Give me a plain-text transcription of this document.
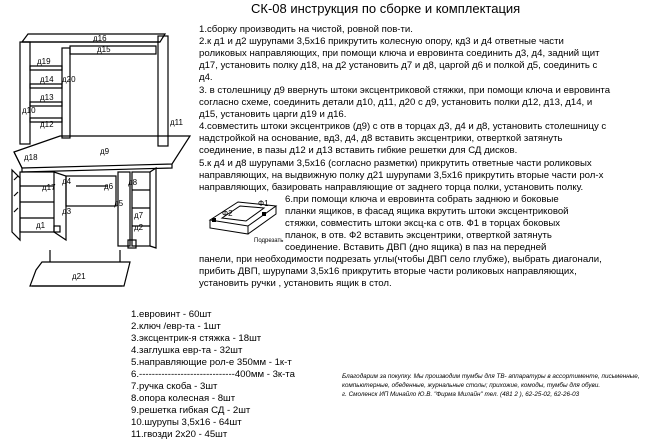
д16
д15
д19
д14 д20
д13
д10
д11
д12
д9
д18
д17
д4
д6 д8
д5
д3	д7
д2
д1
д21
Ф2
Ф1
Подрезать
СК-08 инструкция по сборке и комплектация
1.сборку производить на чистой, ровной пов-ти.
2.к д1 и д2 шурупами 3,5х16 прикрутить колесную опору, кд3 и д4 ответные части
роликовых направляющих, при помощи ключа и евровинта соединить д3, д4, задний щит
д17, установить полку д18, на д2 установить д7 и д8, царгой д6 и полкой д5, соединить с
д4.
3. в столешницу д9 ввернуть штоки эксцентриковой стяжки, при помощи ключа и евровинта
согласно схеме, соединить детали д10, д11, д20 с д9, установить полки д12, д13, д14, и
д15, установить царги д19 и д16.
4.совместить штоки эксцентриков (д9) с отв в торцах д3, д4 и д8, установить столешницу с
надстройкой на основание, вд3, д4, д8 вставить эксцентрики, отверткой затянуть
соединение, в пазы д12 и д13 вставить гибкие решетки для СД дисков.
5.к д4 и д8 шурупами 3,5х16 (согласно разметки) прикрутить ответные части роликовых
направляющих, на выдвижную полку д21 шурупами 3,5х16 прикрутить вторые части рол-х
направляющих, базировать направляющие от заднего торца полки, установить полку.
6.при помощи ключа и евровинта собрать заднюю и боковые
планки ящиков, в фасад ящика вкрутить штоки эксцентриковой
стяжки, совместить штоки эксц-ка с отв. Ф1 в торцах боковых
планок, в отв. Ф2 вставить эксцентрики, отверткой затянуть
соединение. Вставить ДВП (дно ящика) в паз на передней
панели, при необходимости подрезать углы(чтобы ДВП село глубже), выбрать диагонали,
прибить ДВП, шурупами 3,5х16 прикрутить вторые части роликовых направляющих,
установить ручки , установить ящик в стол.
1.евровинт - 60шт
2.ключ /евр-та - 1шт
3.эксцентрик-я стяжка - 18шт
4.заглушка евр-та - 32шт
5.направляющие рол-е 350мм - 1к-т
6.------------------------------400мм - 3к-та
7.ручка скоба - 3шт
8.опора колесная - 8шт
9.решетка гибкая СД - 2шт
10.шурупы 3,5х16 - 64шт
11.гвозди 2х20 - 45шт
Благодарим за покупку. Мы производим тумбы для ТВ- аппаратуры в ассортименте, письменные,
компьютерные, обеденные, журнальные столы; прихожие, комоды, тумбы для обуви.
г. Смоленск ИП Минайло Ю.В. "Фирма Милайн" тел. (481 2 ), 62-25-02, 62-26-03
